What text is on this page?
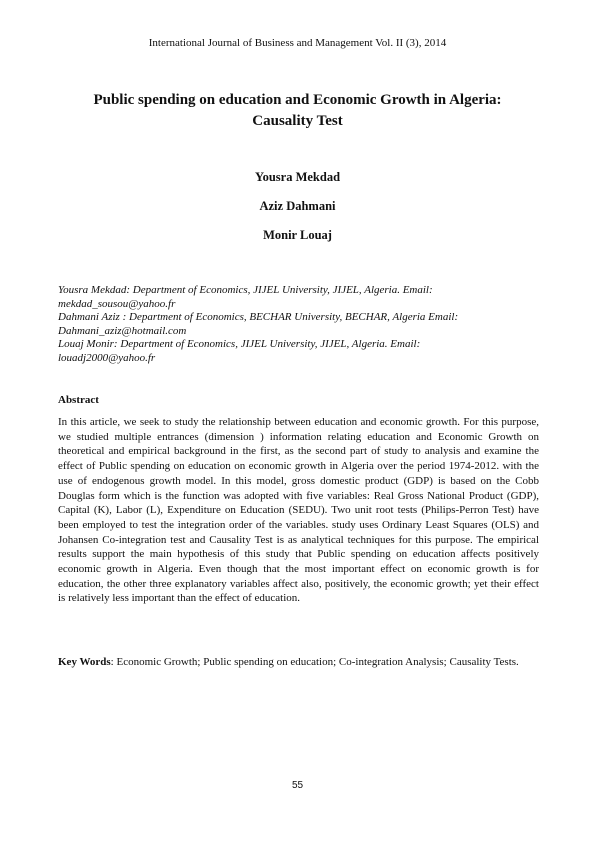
International Journal of Business and Management Vol. II (3), 2014
Public spending on education and Economic Growth in Algeria:
Causality Test
Yousra Mekdad
Aziz Dahmani
Monir Louaj
Yousra Mekdad: Department of Economics, JIJEL University, JIJEL, Algeria. Email:
mekdad_sousou@yahoo.fr
Dahmani Aziz : Department of Economics, BECHAR University, BECHAR, Algeria Email:
Dahmani_aziz@hotmail.com
Louaj Monir: Department of Economics, JIJEL University, JIJEL, Algeria. Email:
louadj2000@yahoo.fr
Abstract

In this article, we seek to study the relationship between education and economic growth. For this purpose, we studied multiple entrances (dimension ) information relating education and Economic Growth on theoretical and empirical background in the first, as the second part of study to analysis and examine the effect of Public spending on education on economic growth in Algeria over the period 1974-2012. with the use of endogenous growth model. In this model, gross domestic product (GDP) is based on the Cobb Douglas form which is the function was adopted with five variables: Real Gross National Product (GDP), Capital (K), Labor (L), Expenditure on Education (SEDU). Two unit root tests (Philips-Perron Test) have been employed to test the integration order of the variables. study uses Ordinary Least Squares (OLS) and Johansen Co-integration test and Causality Test is as analytical techniques for this purpose. The empirical results support the main hypothesis of this study that Public spending on education affects positively economic growth in Algeria. Even though that the most important effect on economic growth is for education, the other three explanatory variables affect also, positively, the economic growth; yet their effect is relatively less important than the effect of education.

Key Words: Economic Growth; Public spending on education; Co-integration Analysis; Causality Tests.

55
